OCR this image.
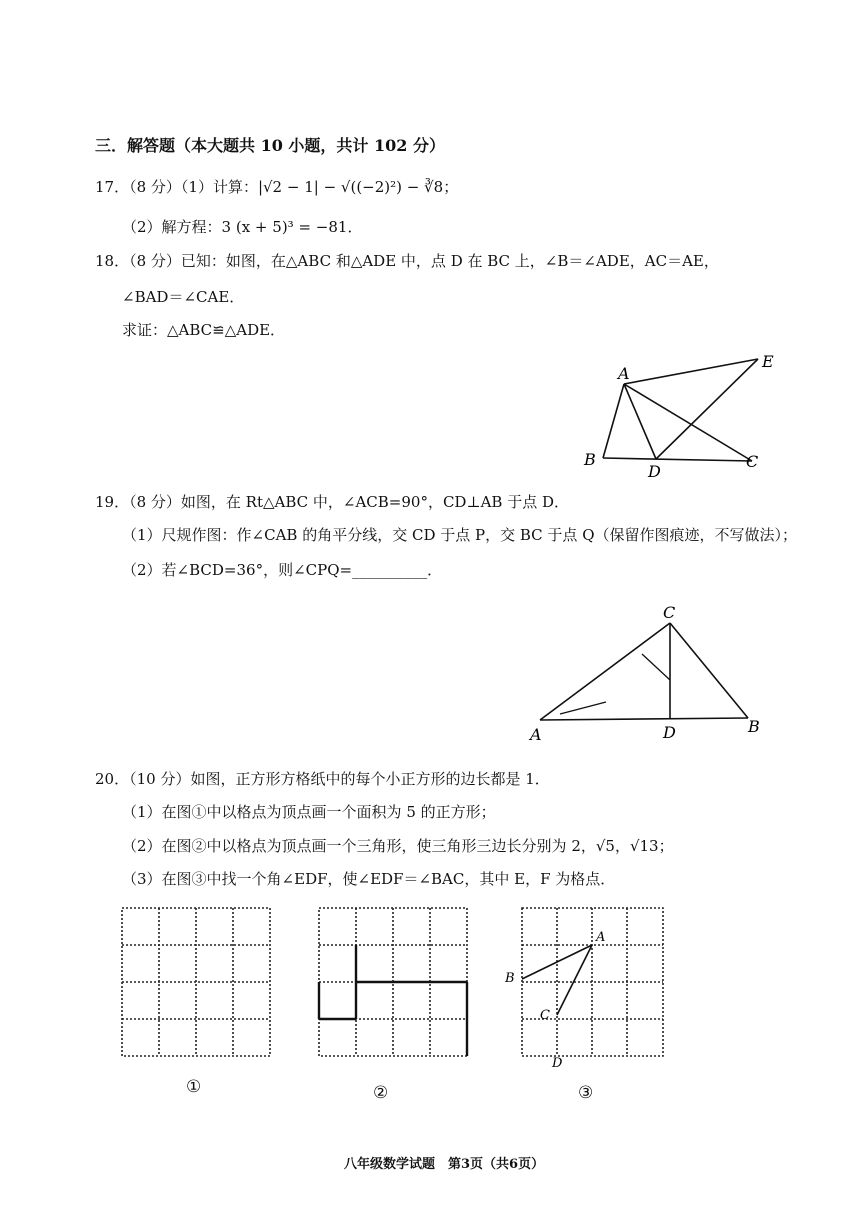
三．解答题（本大题共 10 小题，共计 102 分）
17．（8 分）（1）计算：|√2 − 1| − √((−2)²) − ∛8；
（2）解方程：3 (x + 5)³ = −81．
18．（8 分）已知：如图，在△ABC 和△ADE 中，点 D 在 BC 上，∠B＝∠ADE，AC＝AE，
∠BAD＝∠CAE．
求证：△ABC≌△ADE．
A
B	C
D
E
19．（8 分）如图，在 Rt△ABC 中，∠ACB=90°，CD⊥AB 于点 D．
（1）尺规作图：作∠CAB 的角平分线，交 CD 于点 P，交 BC 于点 Q（保留作图痕迹，不写做法）；
（2）若∠BCD=36°，则∠CPQ=__________．
C
A	D	B
20．（10 分）如图，正方形方格纸中的每个小正方形的边长都是 1．
（1）在图①中以格点为顶点画一个面积为 5 的正方形；
（2）在图②中以格点为顶点画一个三角形，使三角形三边长分别为 2，√5，√13；
（3）在图③中找一个角∠EDF，使∠EDF＝∠BAC，其中 E，F 为格点．
①	②
A
B
C
D
③
八年级数学试题　第3页（共6页）
